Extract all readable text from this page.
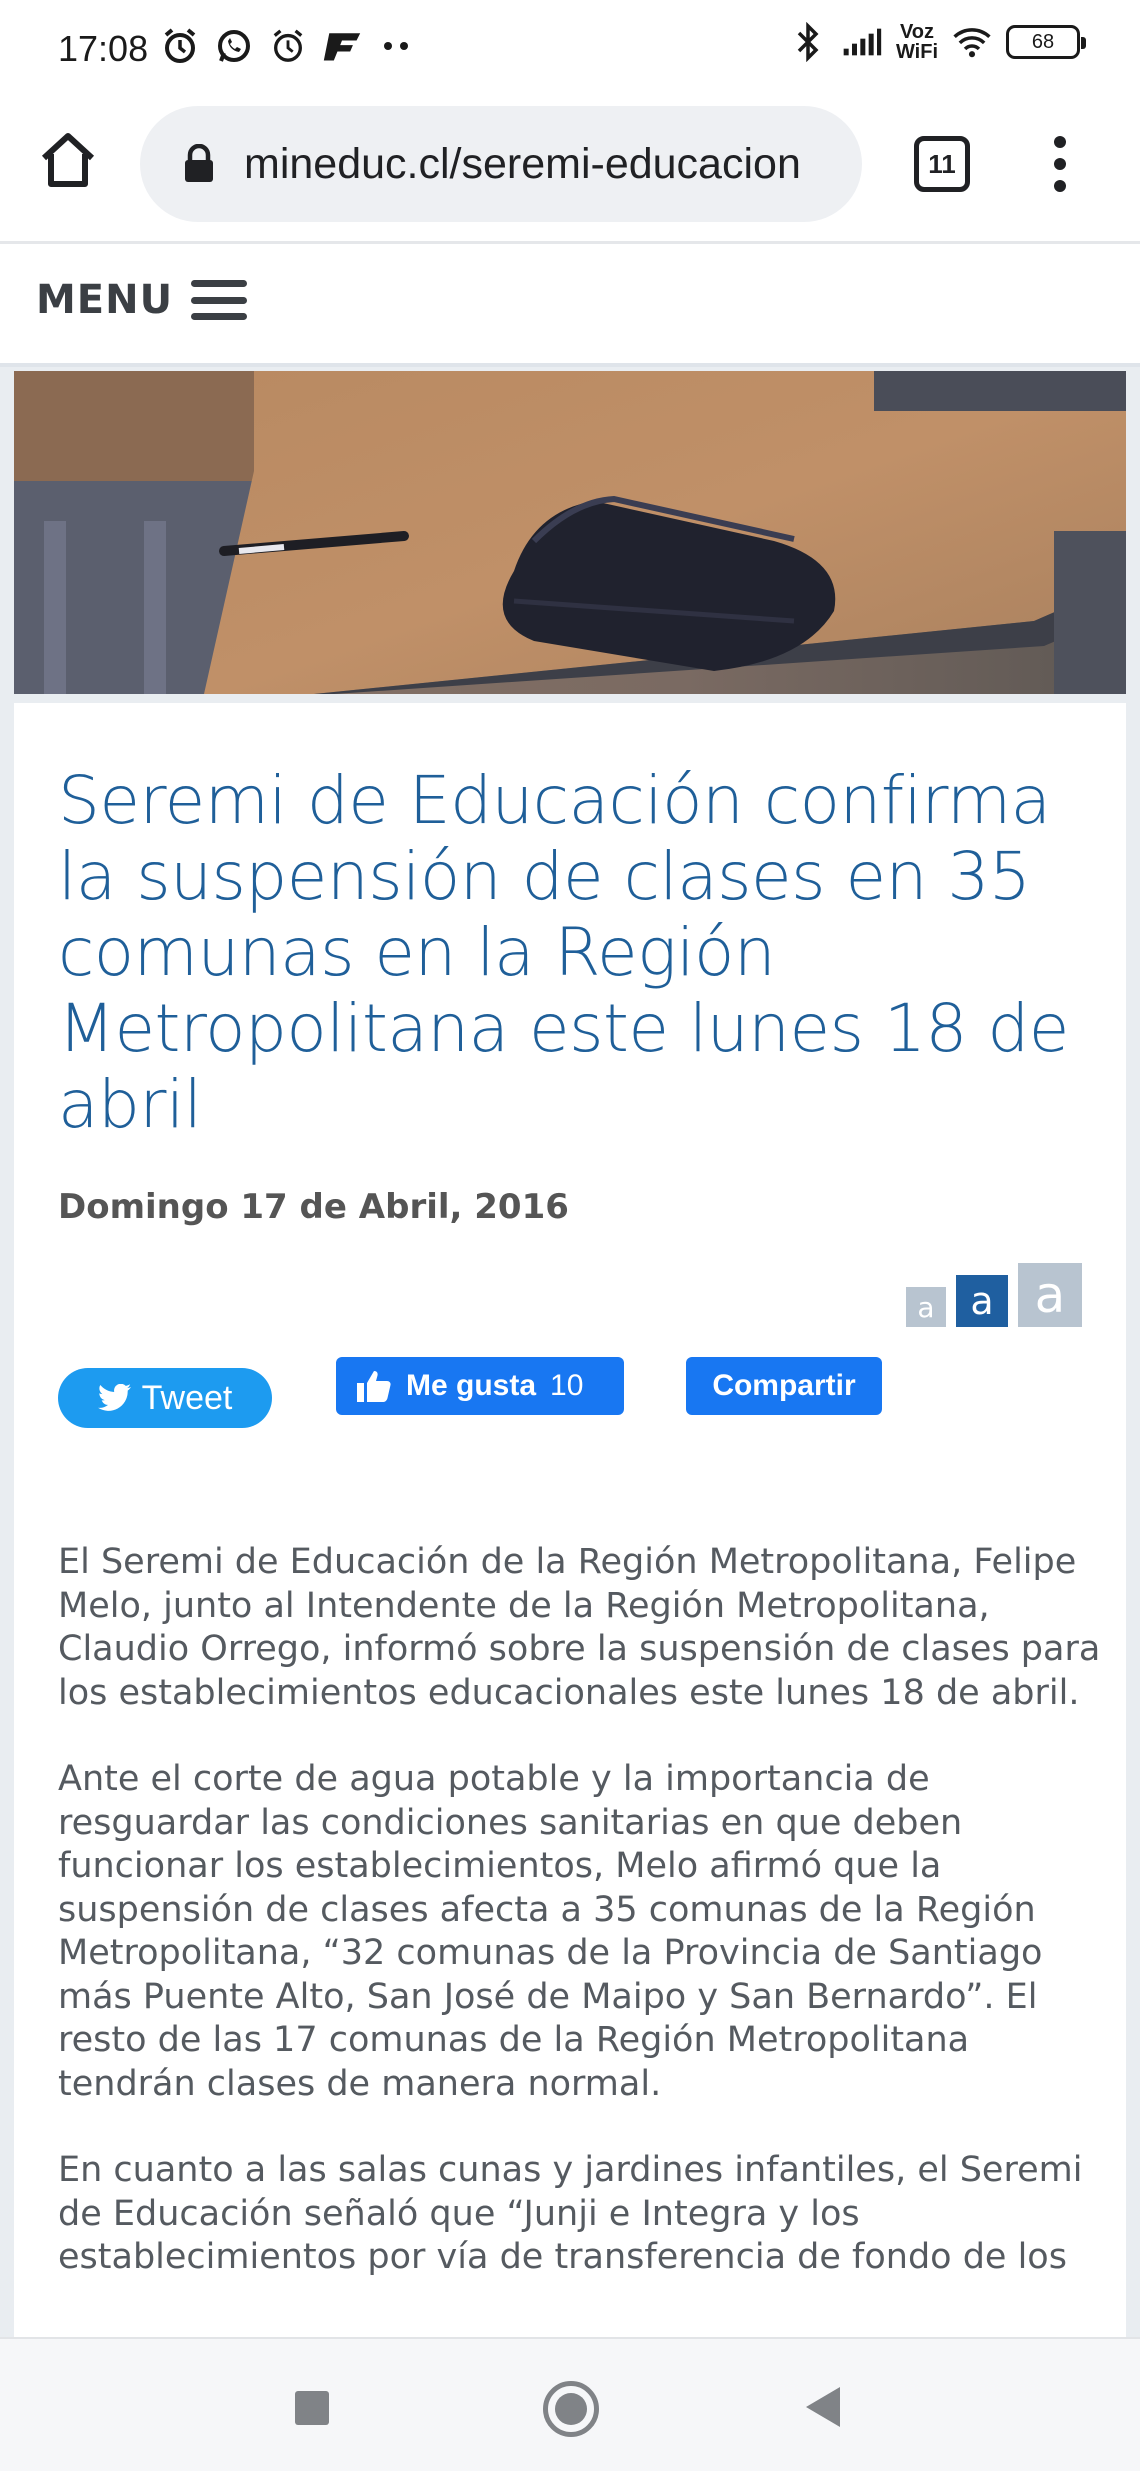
17:08	Voz
WiFi	68
mineduc.cl/seremi-educacion	11
MENU
Seremi de Educación confirma la suspensión de clases en 35 comunas en la Región Metropolitana este lunes 18 de abril
Domingo 17 de Abril, 2016
a a a
Tweet	Me gusta 10	Compartir

El Seremi de Educación de la Región Metropolitana, Felipe Melo, junto al Intendente de la Región Metropolitana, Claudio Orrego, informó sobre la suspensión de clases para los establecimientos educacionales este lunes 18 de abril.

Ante el corte de agua potable y la importancia de resguardar las condiciones sanitarias en que deben funcionar los establecimientos, Melo afirmó que la suspensión de clases afecta a 35 comunas de la Región Metropolitana, “32 comunas de la Provincia de Santiago más Puente Alto, San José de Maipo y San Bernardo”. El resto de las 17 comunas de la Región Metropolitana tendrán clases de manera normal.

En cuanto a las salas cunas y jardines infantiles, el Seremi de Educación señaló que “Junji e Integra y los establecimientos por vía de transferencia de fondo de los
